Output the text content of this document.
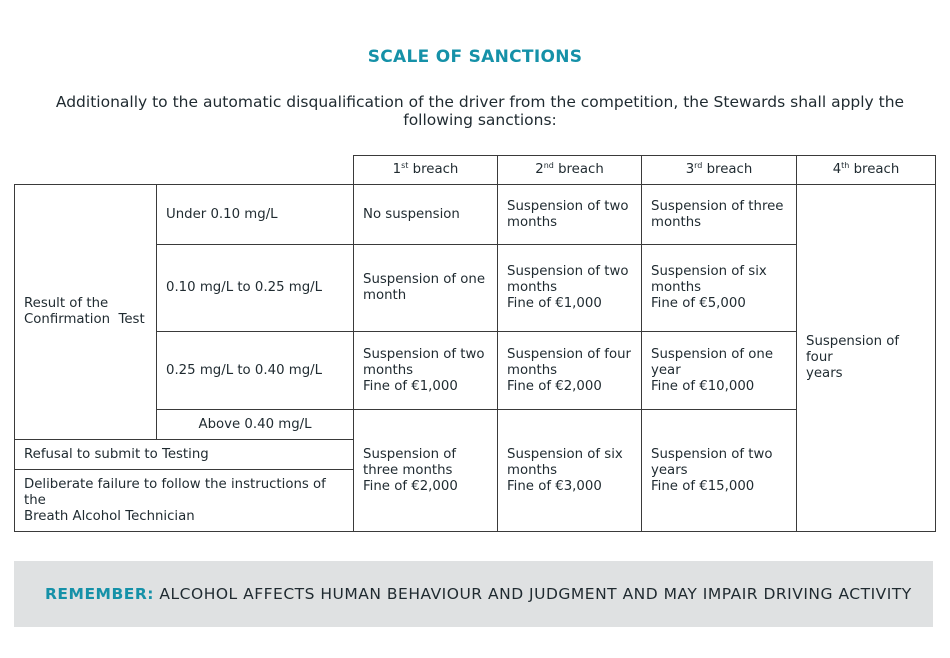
SCALE OF SANCTIONS
Additionally to the automatic disqualification of the driver from the competition, the Stewards shall apply the following sanctions:
		1st breach	2nd breach	3rd breach	4th breach

Result of the
Confirmation  Test	Under 0.10 mg/L	No suspension	Suspension of two
months	Suspension of three
months	Suspension of four
years

	0.10 mg/L to 0.25 mg/L	Suspension of one
month	Suspension of two
months
Fine of €1,000	Suspension of six
months
Fine of €5,000	

	0.25 mg/L to 0.40 mg/L	Suspension of two
months
Fine of €1,000	Suspension of four
months
Fine of €2,000	Suspension of one
year
Fine of €10,000	

	Above 0.40 mg/L	Suspension of
three months
Fine of €2,000	Suspension of six
months
Fine of €3,000	Suspension of two
years
Fine of €15,000	

Refusal to submit to Testing					

Deliberate failure to follow the instructions of the
Breath Alcohol Technician					
REMEMBER: ALCOHOL AFFECTS HUMAN BEHAVIOUR AND JUDGMENT AND MAY IMPAIR DRIVING ACTIVITY
